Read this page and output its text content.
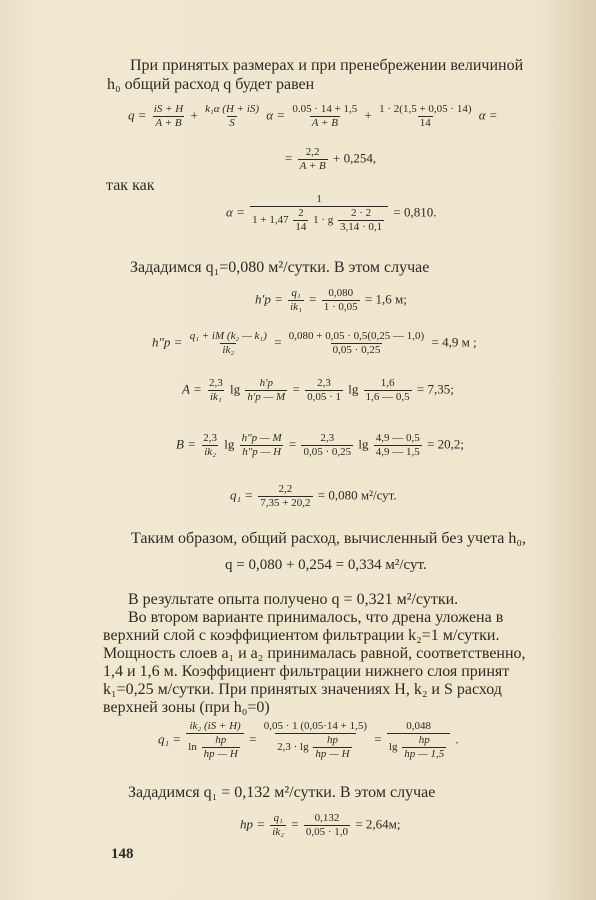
При принятых размерах и при пренебрежении величиной
h₀ общий расход q будет равен
$q = \frac{iS + H}{A + B} + \frac{\text{k₁α (H + iS)}}{S}$ $\alpha = \frac{0.05 \cdot 14 + 1,5}{A + B} + \frac{1 \cdot 2(1,5 + 0,05 \cdot 14)}{14}$ α =
= $\frac{2,2}{A + B} + 0,254$,
так как
$\alpha = \frac{1}{1 + 1,47 \frac{2}{14} 1 \cdot g \frac{2 \cdot 2}{3,14 \cdot 0,1}} = 0,810$.
Зададимся q₁=0,080 м²/сутки. В этом случае
$h'р = \frac{\text{q₁}}{\text{ik₁}} = \frac{0,080}{1 \cdot 0,05} = 1,6$ м;
$h''р = \frac{\text{q₁ + iM (k₂ — k₁)}}{\text{ik₂}} = \frac{0,080 + 0,05 \cdot 0,5(0,25 — 1,0)}{0,05 \cdot 0,25} = 4,9$ м ;
$A = \frac{2,3}{\text{ik₁}}$ $\lg \frac{h'р}{h'р — M} = \frac{2,3}{0,05 \cdot 1}$ $\lg \frac{1,6}{1,6 — 0,5} = 7,35$;
$B = \frac{2,3}{\text{ik₂}}$ $\lg \frac{h''р — M}{h''р — H} = \frac{2,3}{0,05 \cdot 0,25}$ $\lg \frac{4,9 — 0,5}{4,9 — 1,5} = 20,2$;
$q_1 = \frac{2,2}{7,35 + 20,2} = 0,080$ м²/сут.
Таким образом, общий расход, вычисленный без учета h₀,
q = 0,080 + 0,254 = 0,334 м²/сут.
В результате опыта получено q = 0,321 м²/сутки.
Во втором варианте принималось, что дрена уложена в
верхний слой с коэффициентом фильтрации k₂=1 м/сутки.
Мощность слоев a₁ и a₂ принималась равной, соответственно,
1,4 и 1,6 м. Коэффициент фильтрации нижнего слоя принят
k₁=0,25 м/сутки. При принятых значениях H, k₂ и S расход
верхней зоны (при h₀=0)
$q_1 = \frac{\text{ik₂ (iS + H)}}{\ln \frac{hр}{hр — H}} = \frac{0,05 \cdot 1 (0,05\cdot 14 + 1,5)}{2,3 \cdot \lg \frac{hр}{hр — H}} = \frac{0,048}{\lg \frac{hр}{hр — 1,5}}$ .
Зададимся q₁ = 0,132 м²/сутки. В этом случае
hр = $\frac{\text{q₁}}{\text{ik₂}} = \frac{0,132}{0,05 \cdot 1,0} = 2,64м$;
148
